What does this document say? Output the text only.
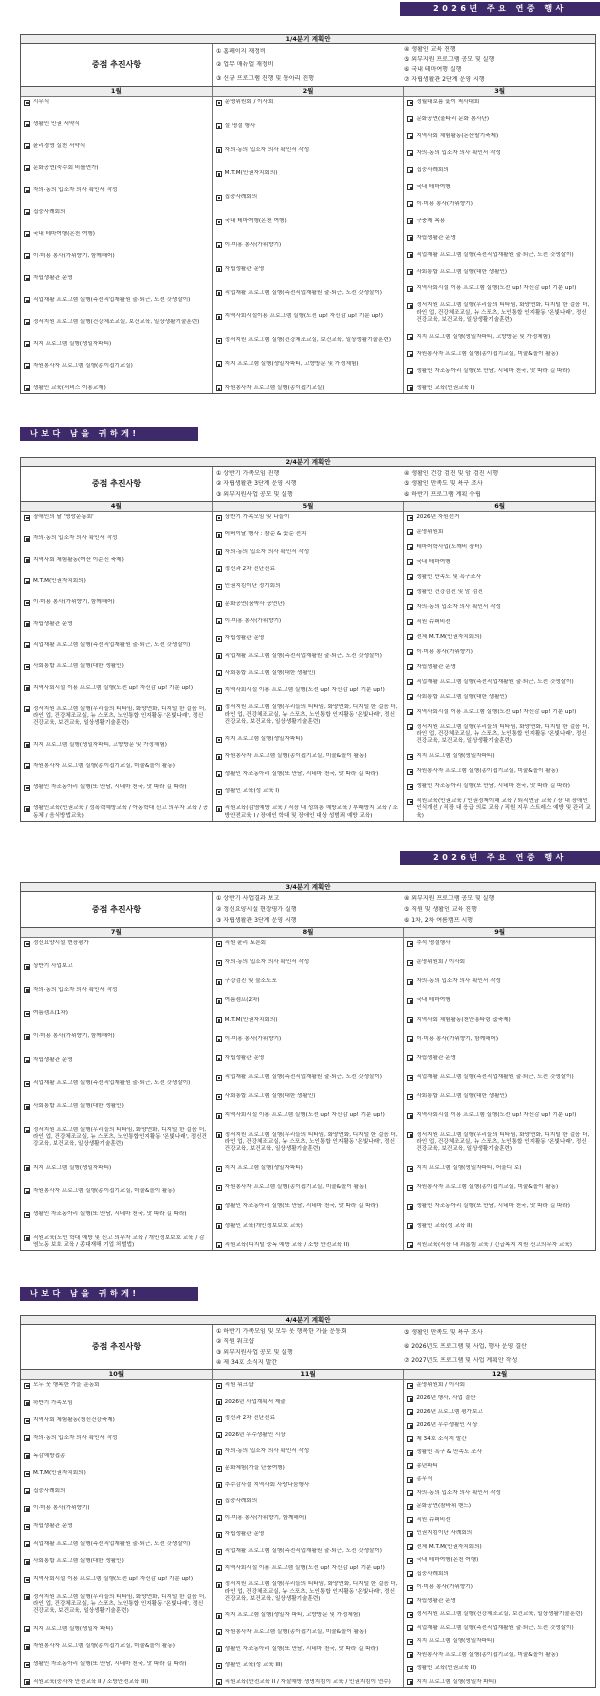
2026년 주요 연중 행사
나보다 남을 귀하게!
2026년 주요 연중 행사
나보다 남을 귀하게!
1/4분기 계획안
중점 추진사항
① 홈페이지 재정비
② 업무 매뉴얼 재정비
③ 신규 프로그램 진행 및 동아리 진행
④ 생활인 교육 진행
⑤ 외부지원 프로그램 공모 및 실행
⑥ 국내 테마여행 실행
⑦ 자립생활관 2단계 운영 시행
1월
시무식
생활인 인권 서약식
윤리경영 실천 서약식
문화공연(죽수회 비틀연가)
자의·동의 입소자 의사 확인서 작성
집중사례회의
국내 테마여행(온천 여행)
이·미용 봉사(가위향기, 함께해어)
자립생활관 운영
직업재활 프로그램 실행(측전직업재활원 출·퇴근, 도전 갓생살이)
정서지원 프로그램 실행(건강체조교실, 보건교육, 일상생활기술훈련)
지지 프로그램 실행(생일자파티)
자원봉사자 프로그램 실행(종이접기교실)
생활인 교육(서비스 이용교재)
2월
운영위원회 / 이사회
설 명절 행사
자의·동의 입소자 의사 확인서 작성
M.T.M(인권자치회의)
집중사례회의
국내 테마여행(온천 여행)
이·미용 봉사(가위향기)
자립생활관 운영
직업재활 프로그램 실행(측전직업재활원 출·퇴근, 도전 갓생살이)
지역사회시설이용 프로그램 실행(도전 up! 자신감 up! 기분 up!)
정서지원 프로그램 실행(건강체조교실, 보건교육, 일상생활기술훈련)
지지 프로그램 실행(생일자파티, 고향방문 및 가정체험)
자원봉사자 프로그램 실행(종이접기교실)
3월
정월대보름 윷이 척사대회
문화공연(울타리 문화 봉사단)
지역사회 체험활동(논산딸기축제)
자의·동의 입소자 의사 확인서 작성
집중사례회의
국내 테마여행
이·미용 봉사(가위향기)
구충제 복용
자립생활관 운영
직업재활 프로그램 실행(측전직업재활원 출·퇴근, 도전 갓생살이)
사회통합 프로그램 실행(대한 생활인)
지역사회시설 이용 프로그램 실행(도전 up! 자신감 up! 기분 up!)
정서지원 프로그램 실행(우리들의 티타임, 화양연화, 디지털 한 걸음 더, 라인 업, 건강체조교실, 뉴 스포츠, 노인통합 인지활동 '온빛나래', 정신건강교육, 보건교육, 일상생활기술훈련)
지지 프로그램 실행(생일자파티, 고향방문 및 가정체험)
자원봉사자 프로그램 실행(종이접기교실, 미술&놀이 활동)
생활인 자조동아리 실행(또 만남, 시네마 천국, 맛 따라 길 따라)
생활인 교육(인권교육 I)
2/4분기 계획안
중점 추진사항
① 상반기 가족모임 진행
② 자립생활관 3단계 운영 시행
③ 외부지원사업 공모 및 실행
④ 생활인 건강 검진 및 암 검진 시행
⑤ 생활인 만족도 및 욕구 조사
⑥ 하반기 프로그램 계획 수립
4월
장애인의 날 '명랑운동회'
자의·동의 입소자 의사 확인서 작성
지역사회 체험활동(여산 이순신 축제)
M.T.M(인권자치회의)
이·미용 봉사(가위향기, 함께해어)
자립생활관 운영
직업재활 프로그램 실행(측전직업재활원 출·퇴근, 도전 갓생살이)
사회통합 프로그램 실행(대한 생활인)
지역사회시설 이용 프로그램 실행(도전 up! 자신감 up! 기분 up!)
정서지원 프로그램 실행(우리들의 티타임, 화양연화, 디지털 한 걸음 더, 라인 업, 건강체조교실, 뉴 스포츠, 노인통합 인지활동 '온빛나래', 정신건강교육, 보건교육, 일상생활기술훈련)
지지 프로그램 실행(생일자파티, 고향방문 및 가정체험)
자원봉사자 프로그램 실행(종이접기교실, 미술&놀이 활동)
생활인 자조동아리 실행(또 만남, 시네마 천국, 맛 따라 길 따라)
생활인교육(인권교육 / 성폭력예방교육 / 아동학대 신고 의무자 교육 / 공동체 / 음식방법교육)
5월
상반기 가족모임 및 나들이
어버이날 행사 : 참순 & 꽃순 전치
자의·동의 입소자 의사 확인서 작성
정신과 2차 진단진료
인권지킴이단 정기회의
문화공연(꿈박사 공연단)
이·미용 봉사(가위향기)
자립생활관 운영
직업재활 프로그램 실행(측전직업재활원 출·퇴근, 도전 갓생살이)
사회통합 프로그램 실행(대한 생활인)
지역사회시설 이용 프로그램 실행(도전 up! 자신감 up! 기분 up!)
정서지원 프로그램 실행(우리들의 티타임, 화양연화, 디지털 한 걸음 더, 라인 업, 건강체조교실, 뉴 스포츠, 노인통합 인지활동 '온빛나래', 정신건강교육, 보건교육, 일상생활기술훈련)
지지 프로그램 실행(생일자파티)
자원봉사자 프로그램 실행(종이접기교실, 미술&놀이 활동)
생활인 자조동아리 실행(또 만남, 시네마 천국, 맛 따라 길 따라)
생활인 교육(성 교육 I)
직원교육(감염예방 교육 / 직장 내 성희롱 예방교육 / 부패방지 교육 / 소방안전교육 I / 장애인 학대 및 장애인 대상 성범죄 예방 교육)
6월
2026년 자원선거
운영위원회
테마어학사업(도깨비 장터)
국내 테마여행
생활인 만족도 및 욕구조사
생활인 건강검진 및 암 검진
자의·동의 입소자 의사 확인서 작성
직원 슈퍼비전
전체 M.T.M(인권자치회의)
이·미용 봉사(가위향기)
자립생활관 운영
직업재활 프로그램 실행(측전직업재활원 출·퇴근, 도전 갓생살이)
사회통합 프로그램 실행(대한 생활인)
지역사회시설 이용 프로그램 실행(도전 up! 자신감 up! 기분 up!)
정서지원 프로그램 실행(우리들의 티타임, 화양연화, 디지털 한 걸음 더, 라인 업, 건강체조교실, 뉴 스포츠, 노인통합 인지활동 '온빛나래', 정신건강교육, 보건교육, 일상생활기술훈련)
지지 프로그램 실행(생일자파티)
자원봉사자 프로그램 실행(종이접기교실, 미술&놀이 활동)
생활인 자조동아리 실행(또 만남, 시네마 천국, 맛 따라 길 따라)
직원교육(인권교육 / 인권정책이해 교육 / 퇴직연금 교육 / 장 내 장애인 인식개선 / 직장 내 응급 의료 교육 / 직원 지무 스트레스 예방 및 관리 교육)
3/4분기 계획안
중점 추진사항
① 상반기 사업결과 보고
② 정신요양시설 현장평가 실행
③ 자립생활관 3단계 운영 시행
④ 외부지원 프로그램 공모 및 실행
⑤ 직원 및 생활인 교육 진행
⑥ 1차, 2차 여름캠프 시행
7월
정신요양시설 현장평가
상반기 사업보고
자의·동의 입소자 의사 확인서 작성
여름캠프(1차)
이·미용 봉사(가위향기, 함께해어)
자립생활관 운영
직업재활 프로그램 실행(측전직업재활원 출·퇴근, 도전 갓생살이)
사회통합 프로그램 실행(대한 생활인)
정서지원 프로그램 실행(우리들의 티타임, 화양연화, 디지털 한 걸음 더, 라인 업, 건강체조교실, 뉴 스포츠, 노인통합인지활동 '온빛나래', 정신건강교육, 보건교육, 일상생활기술훈련)
지지 프로그램 실행(생일자파티)
자원봉사자 프로그램 실행(종이접기교실, 미술&놀이 활동)
생활인 자조동아리 실행(또 만남, 시네마 천국, 맛 따라 길 따라)
직원교육(노인 학대 예방 및 신고 의무자 교육 / 개인정보보호 교육 / 감염노동 보호 교육 / 종대재해 기업 처벌법)
8월
직원 윤리 토론회
자의·동의 입소자 의사 확인서 작성
구강검진 및 불소도포
여름캠프(2차)
M.T.M(인권자치회의)
이·미용 봉사(가위향기)
자립생활관 운영
직업재활 프로그램 실행(측전직업재활원 출·퇴근, 도전 갓생살이)
사회통합 프로그램 실행(대한 생활인)
지역사회시설 이용 프로그램 실행(도전 up! 자신감 up! 기분 up!)
정서지원 프로그램 실행(우리들의 티타임, 화양연화, 디지털 한 걸음 더, 라인 업, 건강체조교실, 뉴 스포츠, 노인통합 인지활동 '온빛나래', 정신건강교육, 보건교육, 일상생활기술훈련)
지지 프로그램 실행(생일자파티)
자원봉사자 프로그램 실행(종이접기교실, 미술&놀이 활동)
생활인 자조동아리 실행(또 만남, 시네마 천국, 맛 따라 길 따라)
생활인 교육(개인정보보호 교육)
직원교육(디지털 중독 예방 교육 / 소방 안전교육 II)
9월
추석 명절행사
운영위원회 / 이사회
자의·동의 입소자 의사 확인서 작성
국내 테마여행
지역사회 체험활동(천안흥타령 춤축제)
이·미용 봉사(가위향기, 함께해어)
자립생활관 운영
직업재활 프로그램 실행(측전직업재활원 출·퇴근, 도전 갓생살이)
사회통합 프로그램 실행(대한 생활인)
지역사회시설 이용 프로그램 실행(도전 up! 자신감 up! 기분 up!)
정서지원 프로그램 실행(우리들의 티타임, 화양연화, 디지털 한 걸음 더, 라인 업, 건강체조교실, 뉴 스포츠, 노인통합 인지활동 '온빛나래', 정신건강교육, 보건교육, 일상생활기술훈련)
지지 프로그램 실행(생일자파티, 어울디 로)
자원봉사자 프로그램 실행(종이접기교실, 미술&놀이 활동)
생활인 자조동아리 실행(또 만남, 시네마 천국, 맛 따라 길 따라)
생활인 교육(성 교육 II)
직원교육(직장 내 괴롭힘 교육 / 긴급복지 지원 신고의무자 교육)
4/4분기 계획안
중점 추진사항
① 하반기 가족모임 및 모두 웃 행복한 가을 운동회
② 직원 워크샵
③ 외부지원사업 공모 및 실행
④ 제 34호 소식지 발간
⑤ 생활인 만족도 및 욕구 조사
⑥ 2026년도 프로그램 및 사업, 행사 운영 결산
⑦ 2027년도 프로그램 및 사업 계획안 작성
10월
모두 웃 행복한 가을 운동회
하반기 가족모임
지역사회 체험활동(청신건강축제)
자의·동의 입소자 의사 확인서 작성
독감예방접종
M.T.M(인권자치회의)
집중사례회의
이·미용 봉사(가위향기)
자립생활관 운영
직업재활 프로그램 실행(측전직업재활원 출·퇴근, 도전 갓생살이)
사회통합 프로그램 실행(대한 생활인)
지역사회시설 이용 프로그램 실행(도전 up! 자신감 up! 기분 up!)
정서지원 프로그램 실행(우리들의 티타임, 화양연화, 디지털 한 걸음 더, 라인 업, 건강체조교실, 뉴 스포츠, 노인통합 인지활동 '온빛나래', 정신건강교육, 보건교육, 일상생활기술훈련)
지지 프로그램 실행(생일자 파티)
자원봉사자 프로그램 실행(종이접기교실, 미술&놀이 활동)
생활인 자조동아리 실행(또 만남, 시네마 천국, 맛 따라 길 따라)
직원교육(중사자 안전교육 II / 소방안전교육 III)
11월
직원 워크샵
2026년 사업계획서 제출
정신과 2차 진단진료
2026년 우수생활인 시상
자의·동의 입소자 의사 확인서 작성
문화체험(가을 단풍여행)
추수감사절 지역사회 사랑나눔행사
집중사례회의
이·미용 봉사(가위향기, 함께해어)
자립생활관 운영
직업재활 프로그램 실행(측전직업재활원 출·퇴근, 도전 갓생살이)
지역사회시설 이용 프로그램 실행(도전 up! 자신감 up! 기분 up!)
정서지원 프로그램 실행(우리들의 티타임, 화양연화, 디지털 한 걸음 더, 라인 업, 건강체조교실, 뉴 스포츠, 노인통합 인지활동 '온빛나래', 정신건강교육, 보건교육, 일상생활기술훈련)
지지 프로그램 실행(생일자 파티, 고향방문 및 가정체험)
자원봉사자 프로그램 실행(종이접기교실, 미술&놀이 활동)
생활인 자조동아리 실행(또 만남, 시네마 천국, 맛 따라 길 따라)
생활인 교육(성 교육 III)
직원교육(안전교육 II / 자살예방 생명지킴이 교육 / 인권지킴이 연수)
12월
운영위원회 / 이사회
2026년 행사, 사업 결산
2026년 프로그램 평가보고
2026년 우수생활인 시상
제 34호 소식지 발간
생활인 욕구 & 만족도 조사
송년파티
종무식
자의·동의 입소자 의사 확인서 작성
문화공연(참바위 밴드)
직원 슈퍼비전
인권지킴이단 사례회의
전체 M.T.M(인권자치회의)
국내 테마여행(온천 여행)
집중사례회의
이·미용 봉사(가위향기)
자립생활관 운영
정서지원 프로그램 실행(건강체조교실, 보건교육, 일상생활기술훈련)
직업재활 프로그램 실행(측전직업재활원 출·퇴근, 도전 갓생살이)
지지 프로그램 실행(생일자파티)
자원봉사자 프로그램 실행(종이접기교실, 미술&놀이 활동)
생활인 교육(인권교육 II)
지지 프로그램 실행(생일자 파티)
